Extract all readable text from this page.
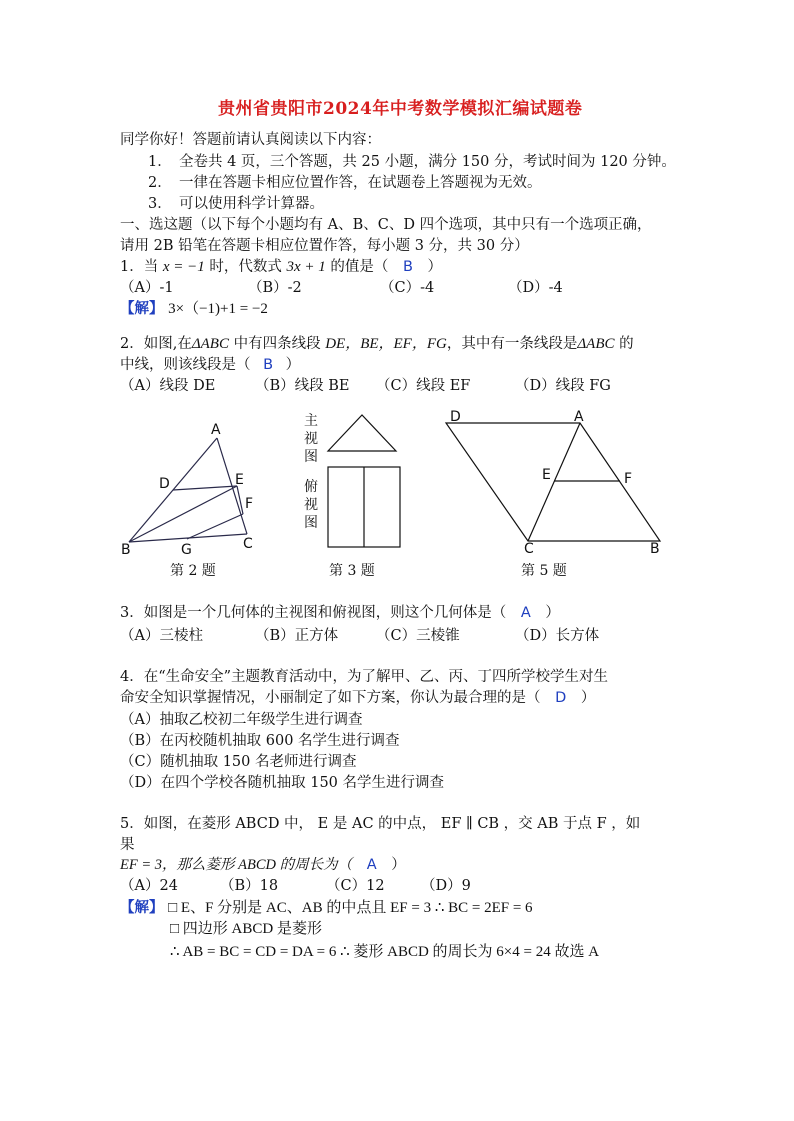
贵州省贵阳市2024年中考数学模拟汇编试题卷
同学你好！答题前请认真阅读以下内容：
1．　全卷共 4 页，三个答题，共 25 小题，满分 150 分，考试时间为 120 分钟。
2．　一律在答题卡相应位置作答，在试题卷上答题视为无效。
3．　可以使用科学计算器。
一、选这题（以下每个小题均有 A、B、C、D 四个选项，其中只有一个选项正确，
请用 2B 铅笔在答题卡相应位置作答，每小题 3 分，共 30 分）
1．当 x = −1 时，代数式 3x + 1 的值是（ B ）
（A）-1	（B）-2	（C）-4	（D）-4
【解】 3×（−1)+1 = −2
2．如图,在ΔABC 中有四条线段 DE，BE，EF，FG，其中有一条线段是ΔABC 的
中线，则该线段是（ B ）
（A）线段 DE	（B）线段 BE （C）线段 EF	（D）线段 FG
A
D	E
F
B	G	C
主
视
图
俯
视
图
D	A
E	F
C	B
第 2 题	第 3 题	第 5 题
3．如图是一个几何体的主视图和俯视图，则这个几何体是（ A ）
（A）三棱柱	（B）正方体	（C）三棱锥	（D）长方体
4．在“生命安全”主题教育活动中，为了解甲、乙、丙、丁四所学校学生对生
命安全知识掌握情况，小丽制定了如下方案，你认为最合理的是（ D ）
（A）抽取乙校初二年级学生进行调查
（B）在丙校随机抽取 600 名学生进行调查
（C）随机抽取 150 名老师进行调查
（D）在四个学校各随机抽取 150 名学生进行调查
5．如图，在菱形 ABCD 中， E 是 AC 的中点， EF ∥ CB ，交 AB 于点 F ，如
果
EF = 3，那么菱形 ABCD 的周长为（ A ）
（A）24	（B）18	（C）12	（D）9
【解】 □ E、F 分别是 AC、AB 的中点且 EF = 3 ∴ BC = 2EF = 6
□ 四边形 ABCD 是菱形
∴ AB = BC = CD = DA = 6 ∴ 菱形 ABCD 的周长为 6×4 = 24 故选 A
